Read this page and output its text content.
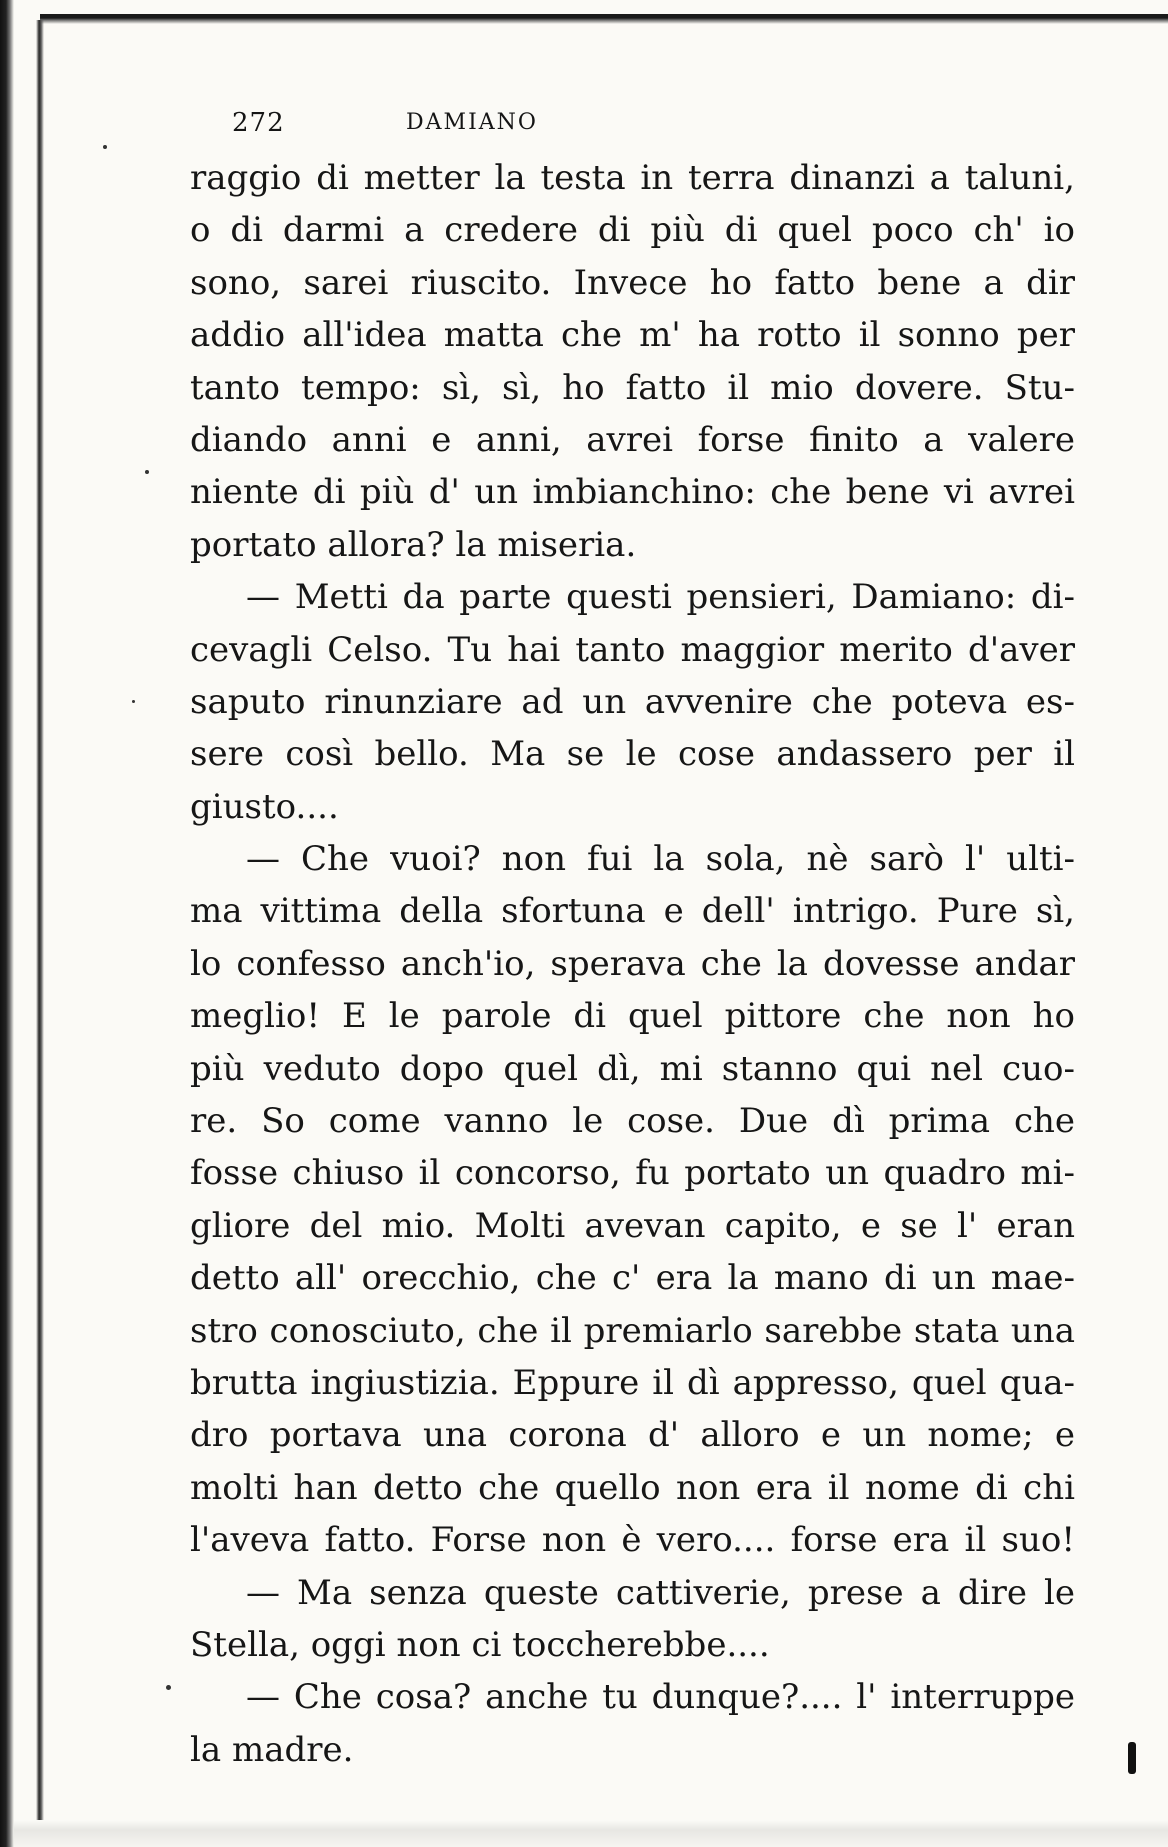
272	DAMIANO
raggio di metter la testa in terra dinanzi a taluni,
o di darmi a credere di più di quel poco ch' io
sono, sarei riuscito. Invece ho fatto bene a dir
addio all'idea matta che m' ha rotto il sonno per
tanto tempo: sì, sì, ho fatto il mio dovere. Stu-
diando anni e anni, avrei forse finito a valere
niente di più d' un imbianchino: che bene vi avrei
portato allora? la miseria.
— Metti da parte questi pensieri, Damiano: di-
cevagli Celso. Tu hai tanto maggior merito d'aver
saputo rinunziare ad un avvenire che poteva es-
sere così bello. Ma se le cose andassero per il
giusto....
— Che vuoi? non fui la sola, nè sarò l' ulti-
ma vittima della sfortuna e dell' intrigo. Pure sì,
lo confesso anch'io, sperava che la dovesse andar
meglio! E le parole di quel pittore che non ho
più veduto dopo quel dì, mi stanno qui nel cuo-
re. So come vanno le cose. Due dì prima che
fosse chiuso il concorso, fu portato un quadro mi-
gliore del mio. Molti avevan capito, e se l' eran
detto all' orecchio, che c' era la mano di un mae-
stro conosciuto, che il premiarlo sarebbe stata una
brutta ingiustizia. Eppure il dì appresso, quel qua-
dro portava una corona d' alloro e un nome; e
molti han detto che quello non era il nome di chi
l'aveva fatto. Forse non è vero.... forse era il suo!
— Ma senza queste cattiverie, prese a dire le
Stella, oggi non ci toccherebbe....
— Che cosa? anche tu dunque?.... l' interruppe
la madre.
